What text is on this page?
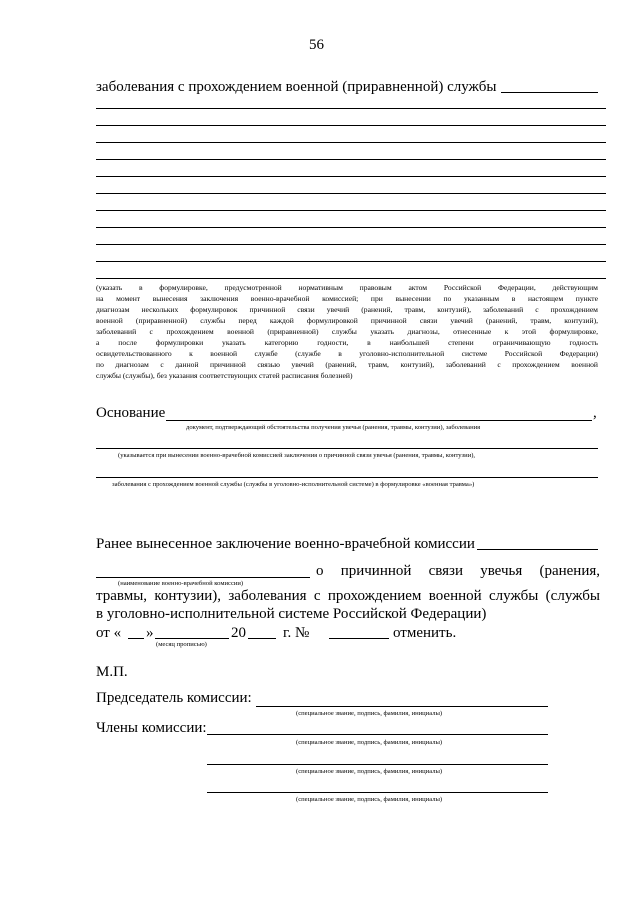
56
заболевания с прохождением военной (приравненной) службы
(указать в формулировке, предусмотренной нормативным правовым актом Российской Федерации, действующим
на момент вынесения заключения военно-врачебной комиссией; при вынесении по указанным в настоящем пункте
диагнозам нескольких формулировок причинной связи увечий (ранений, травм, контузий), заболеваний с прохождением
военной (приравненной) службы перед каждой формулировкой причинной связи увечий (ранений, травм, контузий),
заболеваний с прохождением военной (приравненной) службы указать диагнозы, отнесенные к этой формулировке,
а после формулировки указать категорию годности, в наибольшей степени ограничивающую годность
освидетельствованного к военной службе (службе в уголовно-исполнительной системе Российской Федерации)
по диагнозам с данной причинной связью увечий (ранений, травм, контузий), заболеваний с прохождением военной
службы (службы), без указания соответствующих статей расписания болезней)
Основание	,
документ, подтверждающий обстоятельства получения увечья (ранения, травмы, контузии), заболевания
(указывается при вынесении военно-врачебной комиссией заключения о причинной связи увечья (ранения, травмы, контузии),
заболевания с прохождением военной службы (службы в уголовно-исполнительной системе) в формулировке «военная травма»)
Ранее вынесенное заключение военно-врачебной комиссии
о причинной связи увечья (ранения,
(наименование военно-врачебной комиссии)
травмы, контузии), заболевания с прохождением военной службы (службы
в уголовно-исполнительной системе Российской Федерации)
от « »	20 г. №	отменить.
(месяц прописью)
М.П.
Председатель комиссии:
(специальное звание, подпись, фамилия, инициалы)
Члены комиссии:
(специальное звание, подпись, фамилия, инициалы)
(специальное звание, подпись, фамилия, инициалы)
(специальное звание, подпись, фамилия, инициалы)
